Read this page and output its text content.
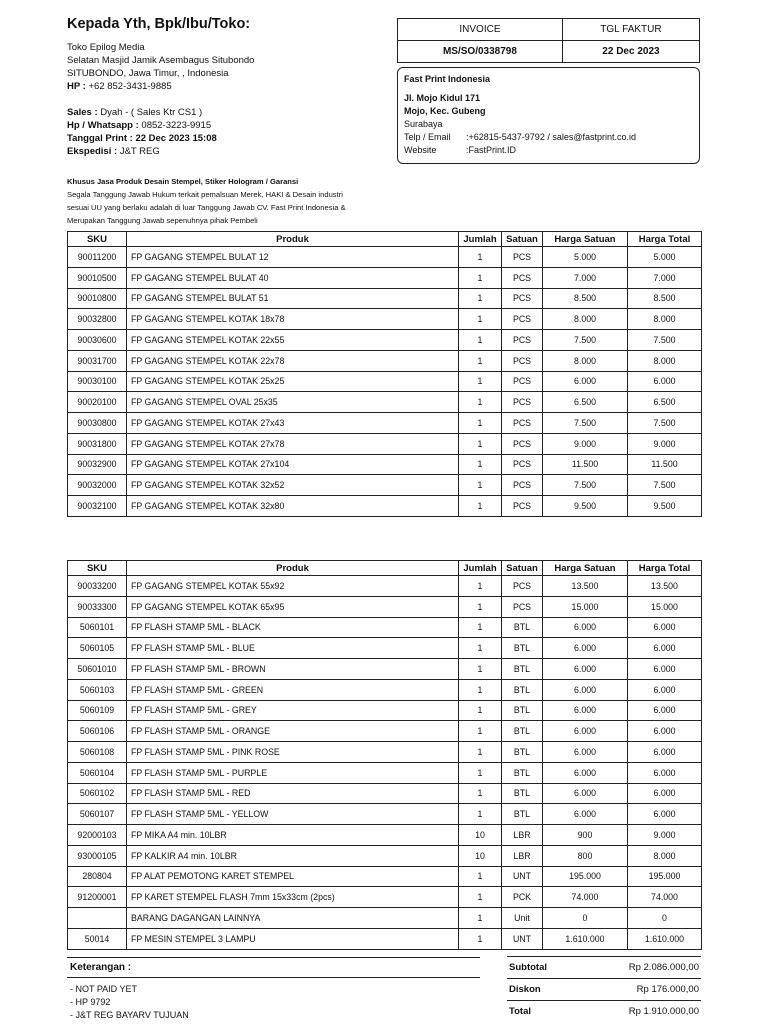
Kepada Yth, Bpk/Ibu/Toko:
Toko Epilog Media
Selatan Masjid Jamik Asembagus Situbondo
SITUBONDO, Jawa Timur, , Indonesia
HP : +62 852-3431-9885
Sales : Dyah - ( Sales Ktr CS1 )
Hp / Whatsapp : 0852-3223-9915
Tanggal Print : 22 Dec 2023 15:08
Ekspedisi : J&T REG
INVOICE	TGL FAKTUR
MS/SO/0338798	22 Dec 2023
Fast Print Indonesia
Jl. Mojo Kidul 171
Mojo, Kec. Gubeng
Surabaya
Telp / Email	:+62815-5437-9792 / sales@fastprint.co.id
Website	:FastPrint.ID
Khusus Jasa Produk Desain Stempel, Stiker Hologram / Garansi
Segala Tanggung Jawab Hukum terkait pemalsuan Merek, HAKI & Desain industri
sesuai UU yang berlaku adalah di luar Tanggung Jawab CV. Fast Print Indonesia &
Merupakan Tanggung Jawab sepenuhnya pihak Pembeli
SKU	Produk	Jumlah	Satuan	Harga Satuan	Harga Total
90011200	FP GAGANG STEMPEL BULAT 12	1	PCS	5.000	5.000
90010500	FP GAGANG STEMPEL BULAT 40	1	PCS	7.000	7.000
90010800	FP GAGANG STEMPEL BULAT 51	1	PCS	8.500	8.500
90032800	FP GAGANG STEMPEL KOTAK 18x78	1	PCS	8.000	8.000
90030600	FP GAGANG STEMPEL KOTAK 22x55	1	PCS	7.500	7.500
90031700	FP GAGANG STEMPEL KOTAK 22x78	1	PCS	8.000	8.000
90030100	FP GAGANG STEMPEL KOTAK 25x25	1	PCS	6.000	6.000
90020100	FP GAGANG STEMPEL OVAL 25x35	1	PCS	6.500	6.500
90030800	FP GAGANG STEMPEL KOTAK 27x43	1	PCS	7.500	7.500
90031800	FP GAGANG STEMPEL KOTAK 27x78	1	PCS	9.000	9.000
90032900	FP GAGANG STEMPEL KOTAK 27x104	1	PCS	11.500	11.500
90032000	FP GAGANG STEMPEL KOTAK 32x52	1	PCS	7.500	7.500
90032100	FP GAGANG STEMPEL KOTAK 32x80	1	PCS	9.500	9.500
SKU	Produk	Jumlah	Satuan	Harga Satuan	Harga Total
90033200	FP GAGANG STEMPEL KOTAK 55x92	1	PCS	13.500	13.500
90033300	FP GAGANG STEMPEL KOTAK 65x95	1	PCS	15.000	15.000
5060101	FP FLASH STAMP 5ML - BLACK	1	BTL	6.000	6.000
5060105	FP FLASH STAMP 5ML - BLUE	1	BTL	6.000	6.000
50601010	FP FLASH STAMP 5ML - BROWN	1	BTL	6.000	6.000
5060103	FP FLASH STAMP 5ML - GREEN	1	BTL	6.000	6.000
5060109	FP FLASH STAMP 5ML - GREY	1	BTL	6.000	6.000
5060106	FP FLASH STAMP 5ML - ORANGE	1	BTL	6.000	6.000
5060108	FP FLASH STAMP 5ML - PINK ROSE	1	BTL	6.000	6.000
5060104	FP FLASH STAMP 5ML - PURPLE	1	BTL	6.000	6.000
5060102	FP FLASH STAMP 5ML - RED	1	BTL	6.000	6.000
5060107	FP FLASH STAMP 5ML - YELLOW	1	BTL	6.000	6.000
92000103	FP MIKA A4 min. 10LBR	10	LBR	900	9.000
93000105	FP KALKIR A4 min. 10LBR	10	LBR	800	8.000
280804	FP ALAT PEMOTONG KARET STEMPEL	1	UNT	195.000	195.000
91200001	FP KARET STEMPEL FLASH 7mm 15x33cm (2pcs)	1	PCK	74.000	74.000
	BARANG DAGANGAN LAINNYA	1	Unit	0	0
50014	FP MESIN STEMPEL 3 LAMPU	1	UNT	1.610.000	1.610.000
Keterangan :
- NOT PAID YET
- HP 9792
- J&T REG BAYARV TUJUAN
Subtotal	Rp 2.086.000,00
Diskon	Rp 176.000,00
Total	Rp 1.910.000,00
